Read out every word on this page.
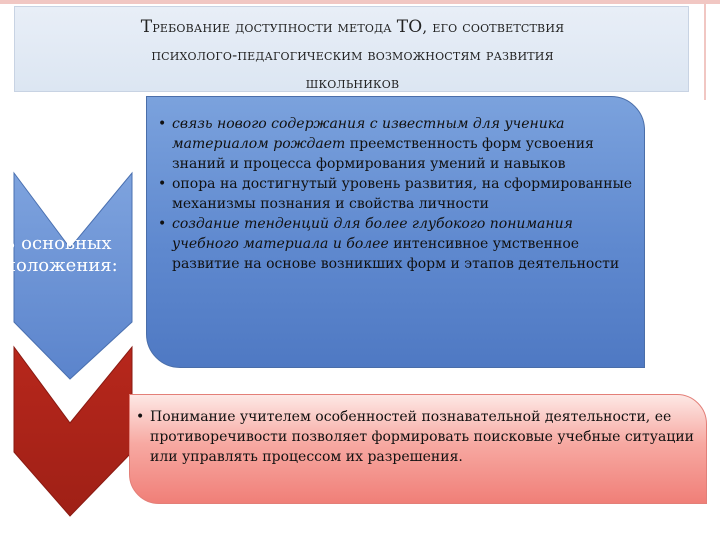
Требование доступности метода ТО, его соответствия
психолого-педагогическим возможностям развития
школьников
3 основных
положения:
• связь нового содержания с известным для ученика материалом рождает преемственность форм усвоения знаний и процесса формирования умений и навыков
• опора на достигнутый уровень развития, на сформированные механизмы познания и свойства личности
• создание тенденций для более глубокого понимания учебного материала и более интенсивное умственное развитие на основе возникших форм и этапов деятельности
• Понимание учителем особенностей познавательной деятельности, ее противоречивости позволяет формировать поисковые учебные ситуации или управлять процессом их разрешения.
